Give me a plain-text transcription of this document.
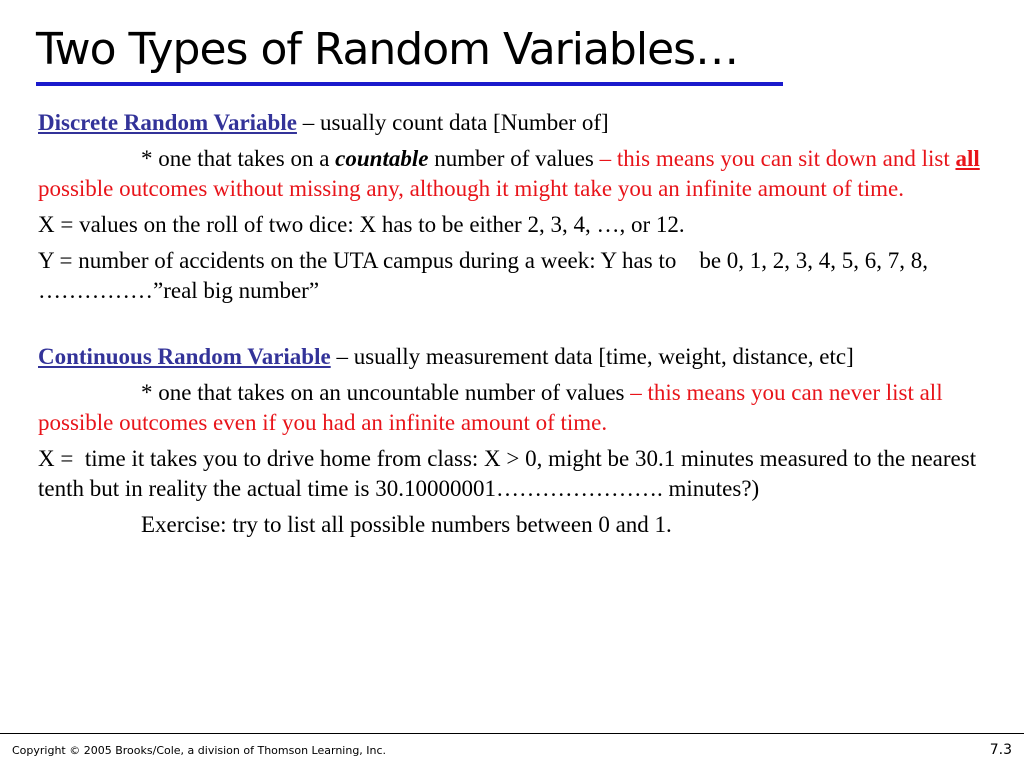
Two Types of Random Variables…

Discrete Random Variable – usually count data [Number of]

* one that takes on a countable number of values – this means you can sit down and list all possible outcomes without missing any, although it might take you an infinite amount of time.

X = values on the roll of two dice: X has to be either 2, 3, 4, …, or 12.

Y = number of accidents on the UTA campus during a week: Y has to    be 0, 1, 2, 3, 4, 5, 6, 7, 8, ……………”real big number”

Continuous Random Variable – usually measurement data [time, weight, distance, etc]

* one that takes on an uncountable number of values – this means you can never list all possible outcomes even if you had an infinite amount of time.

X =  time it takes you to drive home from class: X > 0, might be 30.1 minutes measured to the nearest tenth but in reality the actual time is 30.10000001…………………. minutes?)

Exercise: try to list all possible numbers between 0 and 1.

Copyright © 2005 Brooks/Cole, a division of Thomson Learning, Inc.	7.3
